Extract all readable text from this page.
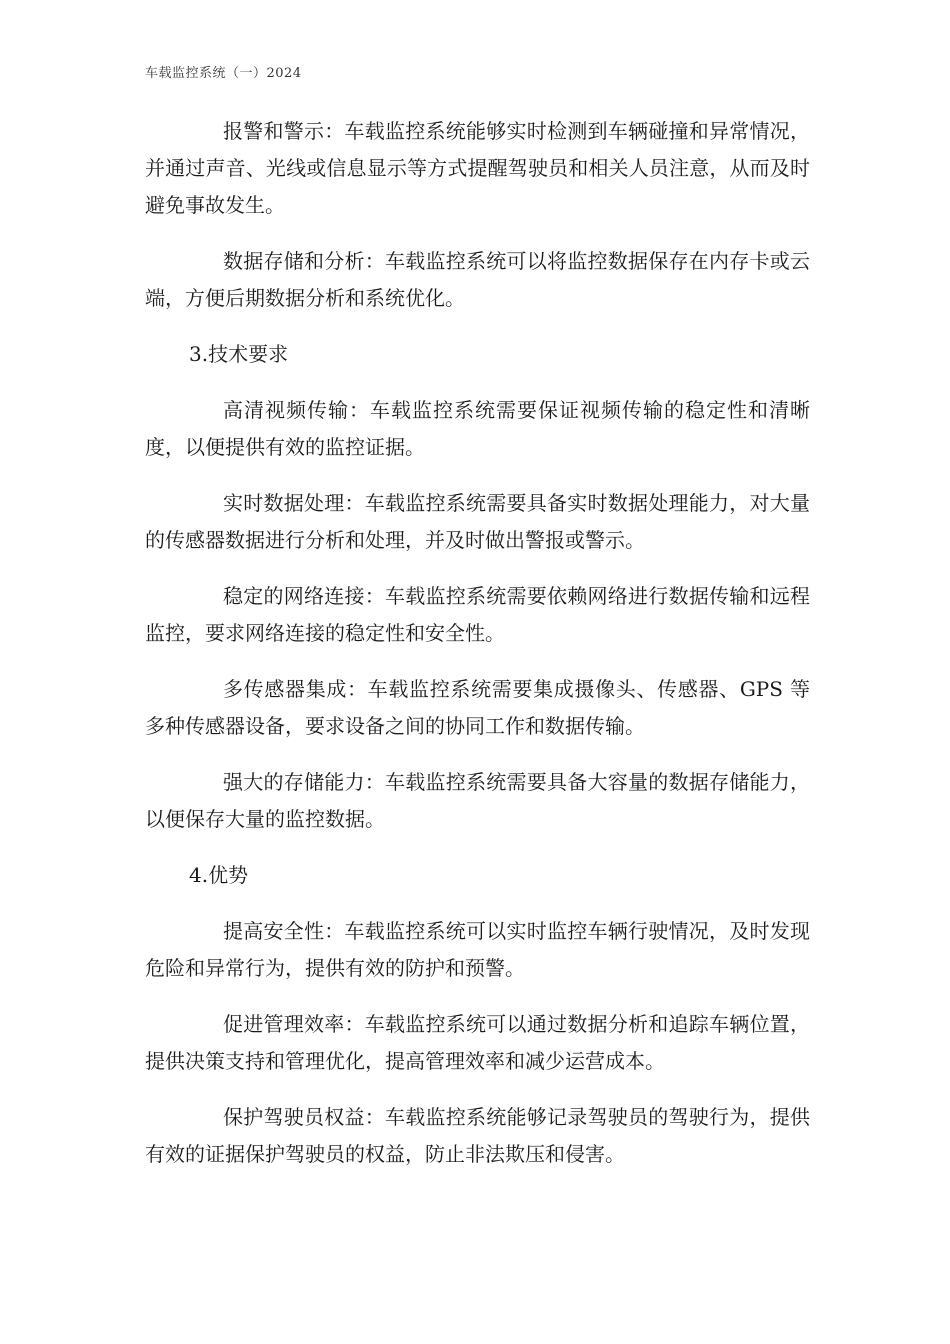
车载监控系统（一）2024

报警和警示：车载监控系统能够实时检测到车辆碰撞和异常情况，并通过声音、光线或信息显示等方式提醒驾驶员和相关人员注意，从而及时避免事故发生。

数据存储和分析：车载监控系统可以将监控数据保存在内存卡或云端，方便后期数据分析和系统优化。

3.技术要求

高清视频传输：车载监控系统需要保证视频传输的稳定性和清晰度，以便提供有效的监控证据。

实时数据处理：车载监控系统需要具备实时数据处理能力，对大量的传感器数据进行分析和处理，并及时做出警报或警示。

稳定的网络连接：车载监控系统需要依赖网络进行数据传输和远程监控，要求网络连接的稳定性和安全性。

多传感器集成：车载监控系统需要集成摄像头、传感器、GPS 等多种传感器设备，要求设备之间的协同工作和数据传输。

强大的存储能力：车载监控系统需要具备大容量的数据存储能力，以便保存大量的监控数据。

4.优势

提高安全性：车载监控系统可以实时监控车辆行驶情况，及时发现危险和异常行为，提供有效的防护和预警。

促进管理效率：车载监控系统可以通过数据分析和追踪车辆位置，提供决策支持和管理优化，提高管理效率和减少运营成本。

保护驾驶员权益：车载监控系统能够记录驾驶员的驾驶行为，提供有效的证据保护驾驶员的权益，防止非法欺压和侵害。
